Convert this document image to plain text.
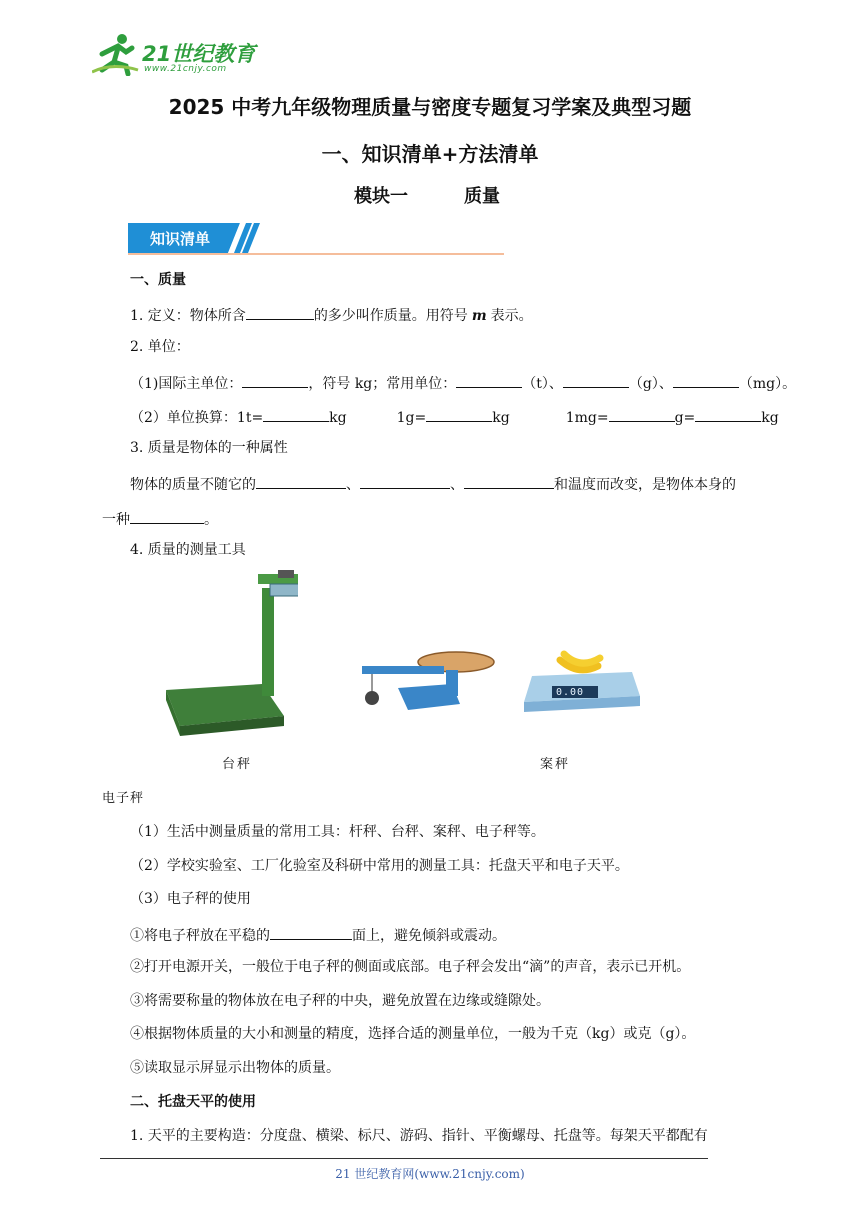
21世纪教育
www.21cnjy.com
2025 中考九年级物理质量与密度专题复习学案及典型习题
一、知识清单+方法清单
模块一	质量
知识清单
一、质量
1. 定义：物体所含	的多少叫作质量。用符号 m 表示。
2. 单位：
（1)国际主单位：	，符号 kg；常用单位：	（t）、	（g）、	（mg）。
（2）单位换算：1t=	kg	1g=	kg	1mg=	g=	kg
3. 质量是物体的一种属性
物体的质量不随它的	、	、	和温度而改变，是物体本身的
一种	。
4. 质量的测量工具
0.00
台秤	案秤
电子秤
（1）生活中测量质量的常用工具：杆秤、台秤、案秤、电子秤等。
（2）学校实验室、工厂化验室及科研中常用的测量工具：托盘天平和电子天平。
（3）电子秤的使用
①将电子秤放在平稳的	面上，避免倾斜或震动。
②打开电源开关，一般位于电子秤的侧面或底部。电子秤会发出“滴”的声音，表示已开机。
③将需要称量的物体放在电子秤的中央，避免放置在边缘或缝隙处。
④根据物体质量的大小和测量的精度，选择合适的测量单位，一般为千克（kg）或克（g）。
⑤读取显示屏显示出物体的质量。
二、托盘天平的使用
1. 天平的主要构造：分度盘、横梁、标尺、游码、指针、平衡螺母、托盘等。每架天平都配有
21 世纪教育网(www.21cnjy.com)
